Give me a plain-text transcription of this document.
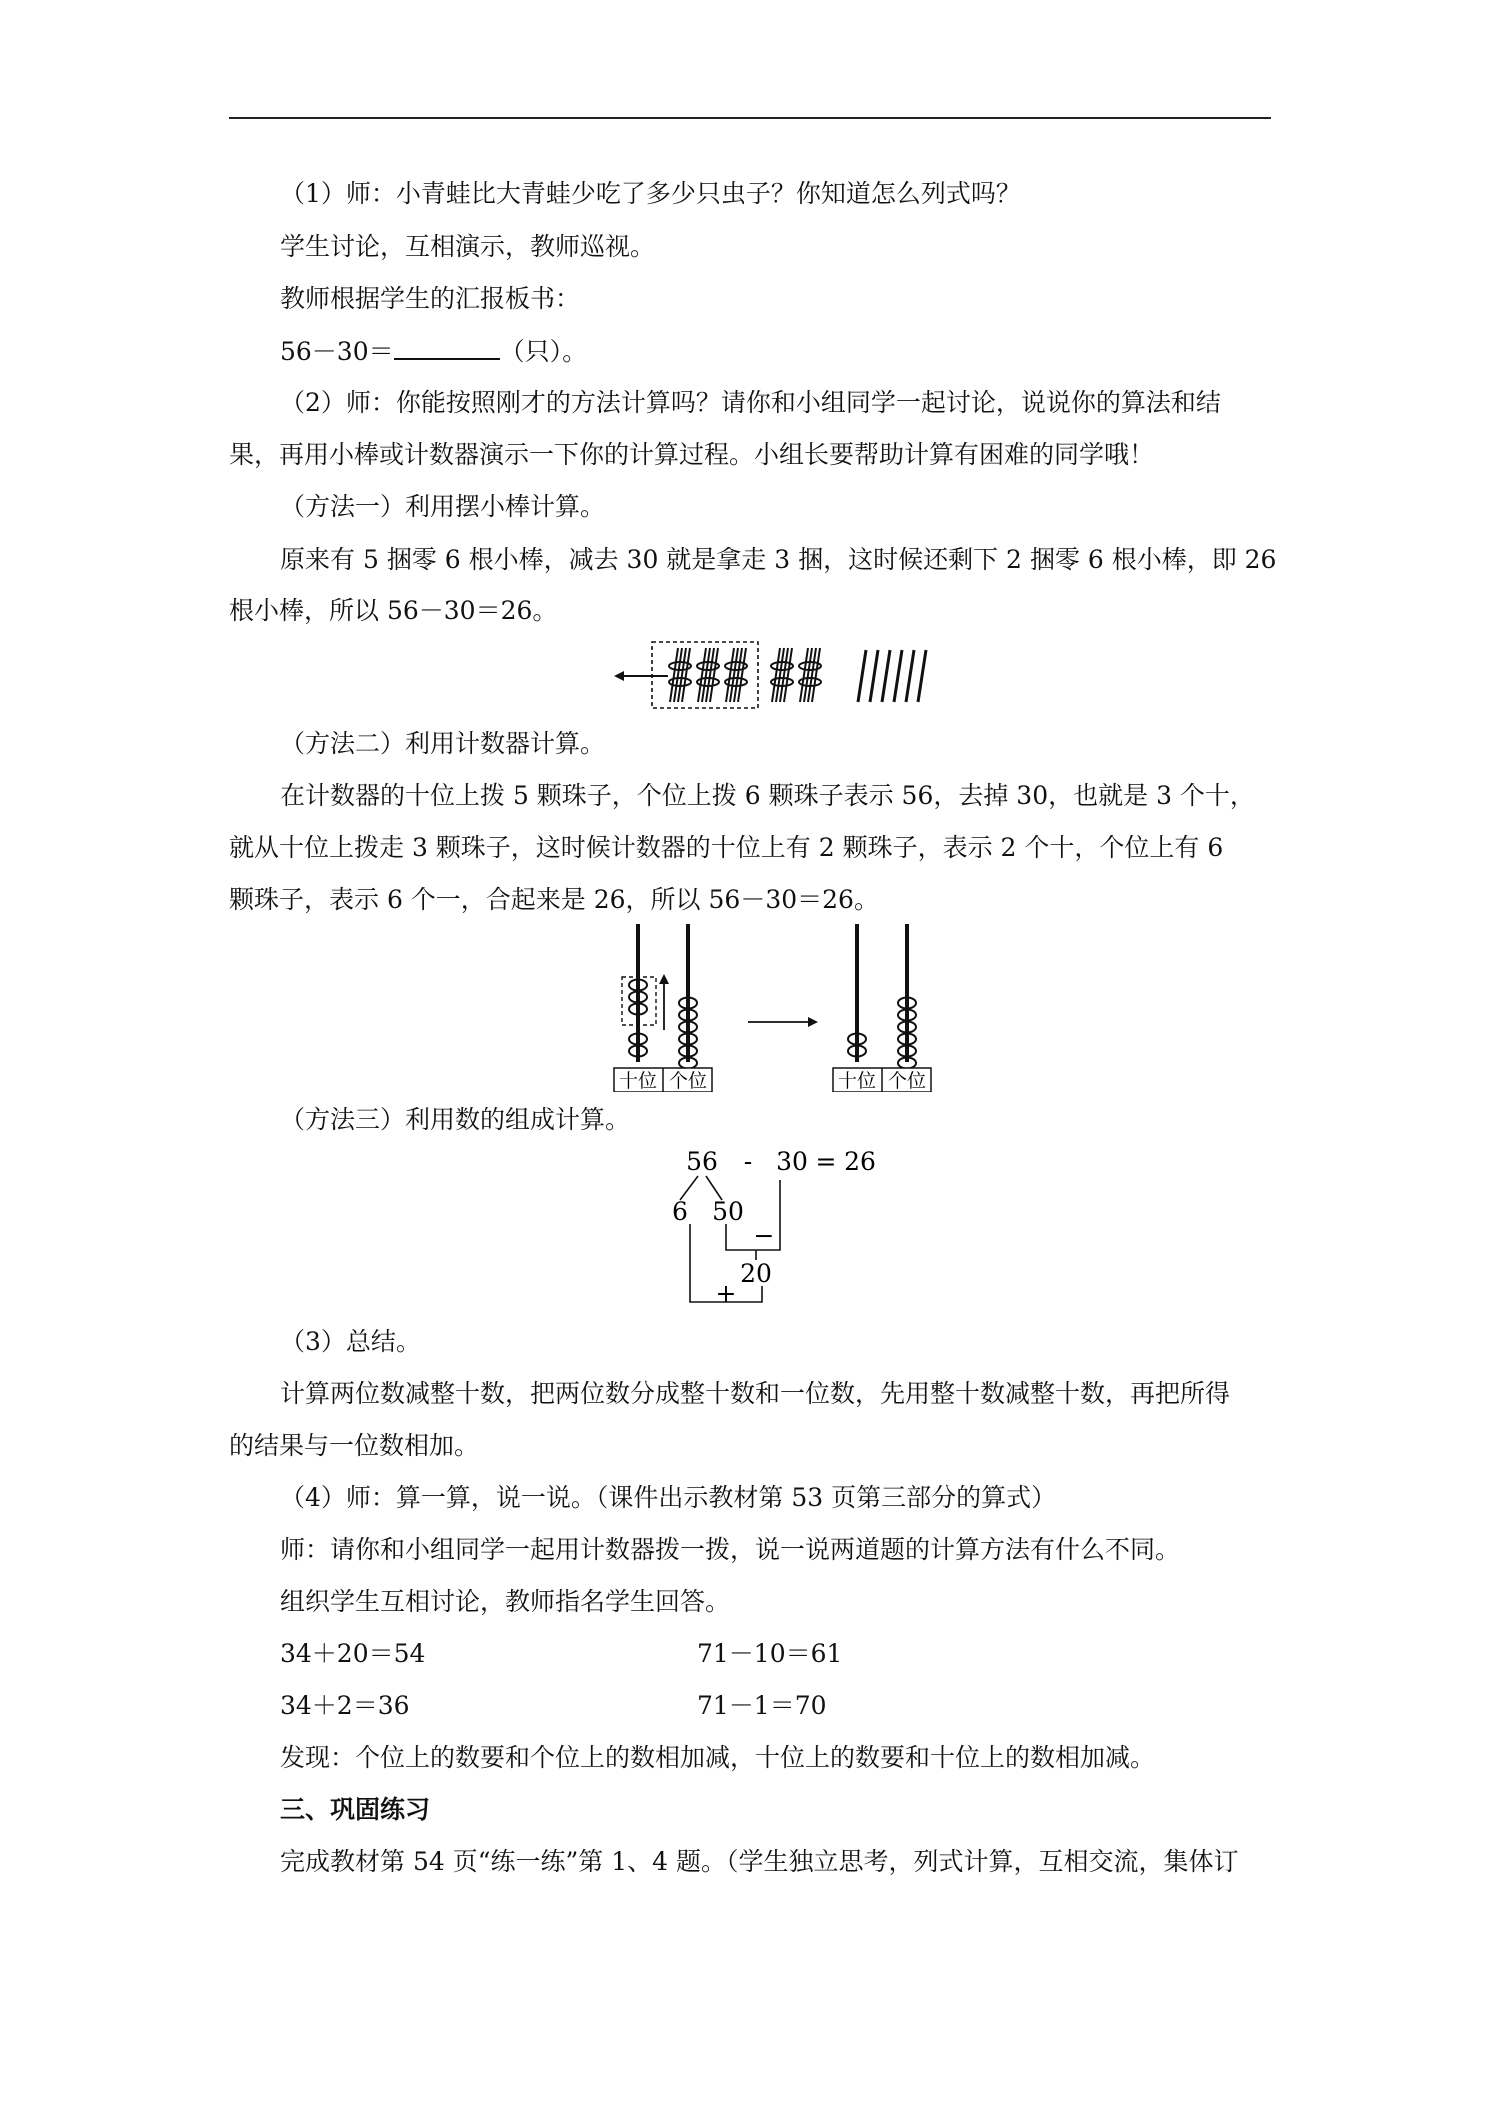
（1）师：小青蛙比大青蛙少吃了多少只虫子？你知道怎么列式吗？
学生讨论，互相演示，教师巡视。
教师根据学生的汇报板书：
56－30＝	（只）。
（2）师：你能按照刚才的方法计算吗？请你和小组同学一起讨论，说说你的算法和结
果，再用小棒或计数器演示一下你的计算过程。小组长要帮助计算有困难的同学哦！
（方法一）利用摆小棒计算。
原来有 5 捆零 6 根小棒，减去 30 就是拿走 3 捆，这时候还剩下 2 捆零 6 根小棒，即 26
根小棒，所以 56－30＝26。
（方法二）利用计数器计算。
在计数器的十位上拨 5 颗珠子，个位上拨 6 颗珠子表示 56，去掉 30，也就是 3 个十，
就从十位上拨走 3 颗珠子，这时候计数器的十位上有 2 颗珠子，表示 2 个十，个位上有 6
颗珠子，表示 6 个一，合起来是 26，所以 56－30＝26。
十位 个位	十位 个位
（方法三）利用数的组成计算。
56 - 30 = 26
6 50
−
20
+
（3）总结。
计算两位数减整十数，把两位数分成整十数和一位数，先用整十数减整十数，再把所得
的结果与一位数相加。
（4）师：算一算，说一说。（课件出示教材第 53 页第三部分的算式）
师：请你和小组同学一起用计数器拨一拨，说一说两道题的计算方法有什么不同。
组织学生互相讨论，教师指名学生回答。
34＋20＝54	71－10＝61
34＋2＝36	71－1＝70
发现：个位上的数要和个位上的数相加减，十位上的数要和十位上的数相加减。
三、巩固练习
完成教材第 54 页“练一练”第 1、4 题。（学生独立思考，列式计算，互相交流，集体订
